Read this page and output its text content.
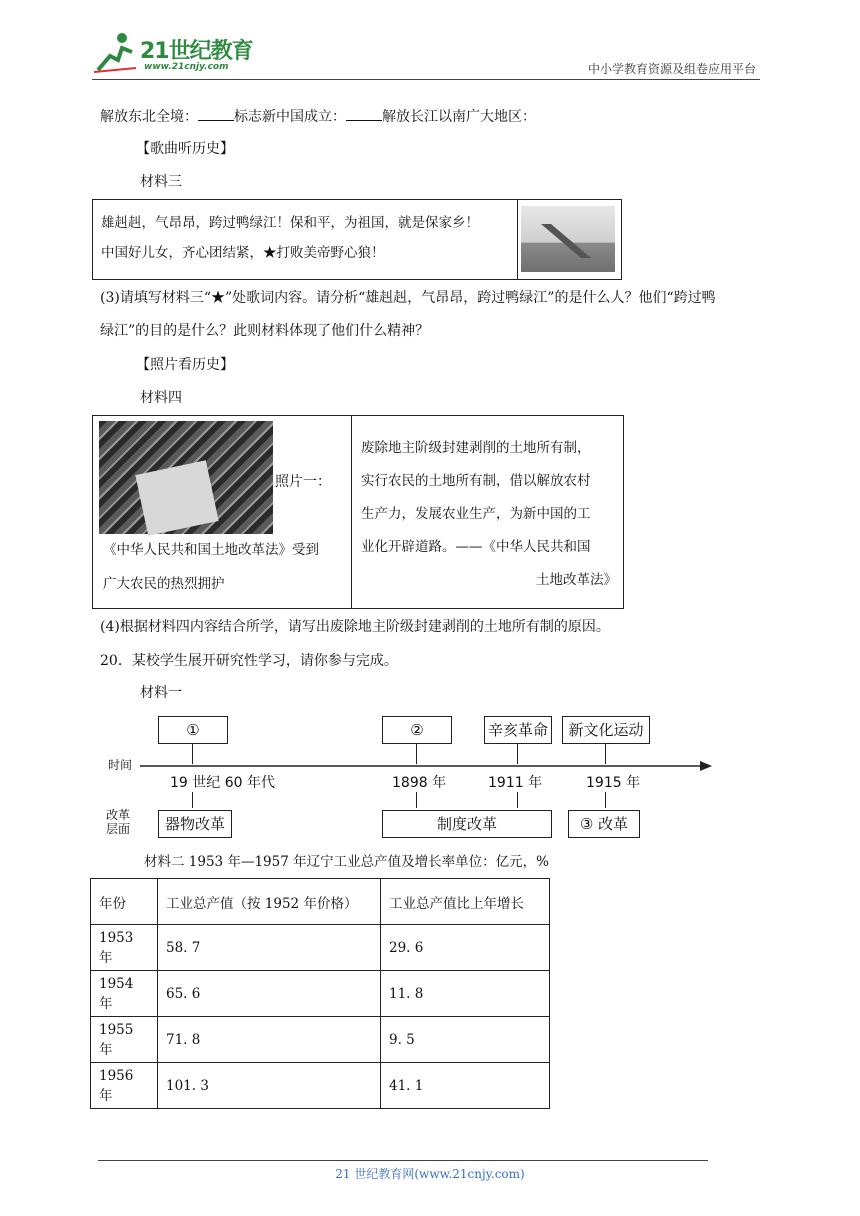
21世纪教育
www.21cnjy.com	中小学教育资源及组卷应用平台
解放东北全境：	标志新中国成立：	解放长江以南广大地区：
【歌曲听历史】
材料三
雄赳赳，气昂昂，跨过鸭绿江！保和平，为祖国，就是保家乡！
中国好儿女，齐心团结紧，★打败美帝野心狼！
(3)请填写材料三“★”处歌词内容。请分析“雄赳赳，气昂昂，跨过鸭绿江”的是什么人？他们“跨过鸭
绿江”的目的是什么？此则材料体现了他们什么精神？
【照片看历史】
材料四
照片一：
《中华人民共和国土地改革法》受到
广大农民的热烈拥护
废除地主阶级封建剥削的土地所有制，
实行农民的土地所有制，借以解放农村
生产力，发展农业生产，为新中国的工
业化开辟道路。——《中华人民共和国
土地改革法》
(4)根据材料四内容结合所学，请写出废除地主阶级封建剥削的土地所有制的原因。
20．某校学生展开研究性学习，请你参与完成。
材料一
①	②	辛亥革命	新文化运动
时间
19 世纪 60 年代	1898 年	1911 年	1915 年
改革
层面	器物改革	制度改革	③ 改革
材料二 1953 年—1957 年辽宁工业总产值及增长率单位：亿元，%
年份	工业总产值（按 1952 年价格）	工业总产值比上年增长
1953 年	58. 7	29. 6
1954 年	65. 6	11. 8
1955 年	71. 8	9. 5
1956 年	101. 3	41. 1
21 世纪教育网(www.21cnjy.com)
